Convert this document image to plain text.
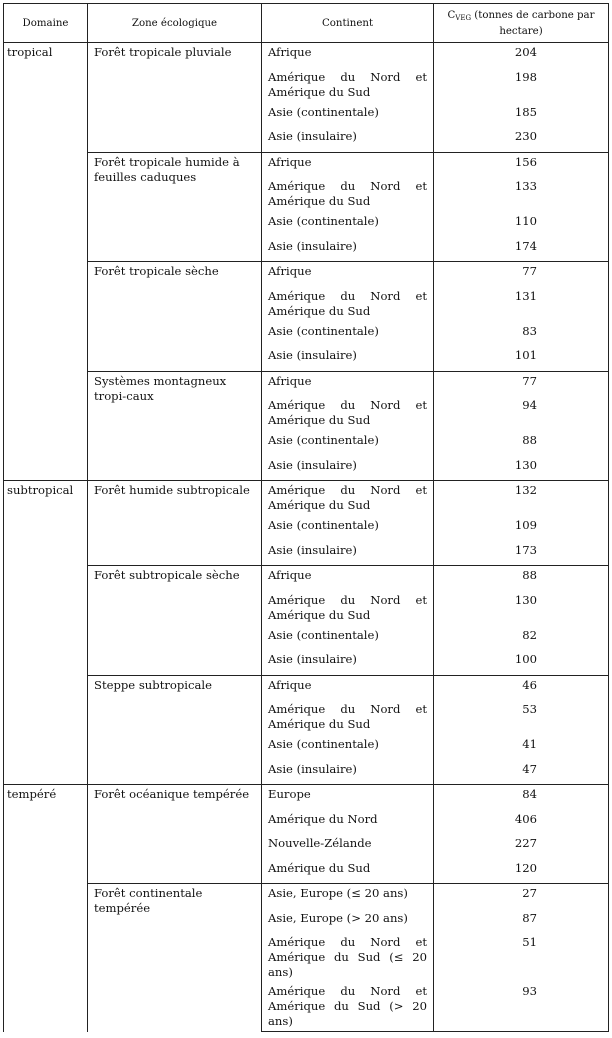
Domaine	Zone écologique	Continent	$C_{VEG}$ (tonnes de carbone par hectare)
tropical	Forêt tropicale pluviale	Afrique	204
		Amérique du Nord et Amérique du Sud	198
		Asie (continentale)	185
		Asie (insulaire)	230
	Forêt tropicale humide à feuilles caduques	Afrique	156
		Amérique du Nord et Amérique du Sud	133
		Asie (continentale)	110
		Asie (insulaire)	174
	Forêt tropicale sèche	Afrique	77
		Amérique du Nord et Amérique du Sud	131
		Asie (continentale)	83
		Asie (insulaire)	101
	Systèmes montagneux tropi-caux	Afrique	77
		Amérique du Nord et Amérique du Sud	94
		Asie (continentale)	88
		Asie (insulaire)	130
subtropical	Forêt humide subtropicale	Amérique du Nord et Amérique du Sud	132
		Asie (continentale)	109
		Asie (insulaire)	173
	Forêt subtropicale sèche	Afrique	88
		Amérique du Nord et Amérique du Sud	130
		Asie (continentale)	82
		Asie (insulaire)	100
	Steppe subtropicale	Afrique	46
		Amérique du Nord et Amérique du Sud	53
		Asie (continentale)	41
		Asie (insulaire)	47
tempéré	Forêt océanique tempérée	Europe	84
		Amérique du Nord	406
		Nouvelle-Zélande	227
		Amérique du Sud	120
	Forêt continentale tempérée	Asie, Europe (≤ 20 ans)	27
		Asie, Europe (> 20 ans)	87
		Amérique du Nord et Amérique du Sud (≤ 20 ans)	51
		Amérique du Nord et Amérique du Sud (> 20 ans)	93
